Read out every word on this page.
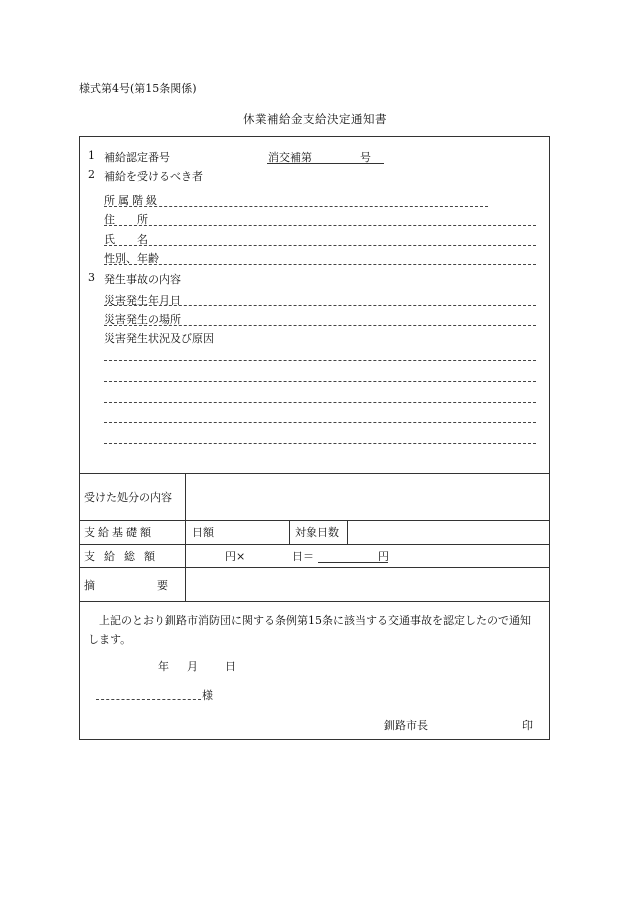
様式第4号(第15条関係)
休業補給金支給決定通知書
1 補給認定番号	消交補第	号
2 補給を受けるべき者
所属階級
住　　所
氏　　名
性別、年齢
3 発生事故の内容
災害発生年月日
災害発生の場所
災害発生状況及び原因
受けた処分の内容
支給基礎額	日額	対象日数
支給総額	円×	日＝	円
摘要
上記のとおり釧路市消防団に関する条例第15条に該当する交通事故を認定したので通知します。
年 月 日
様
釧路市長	印
